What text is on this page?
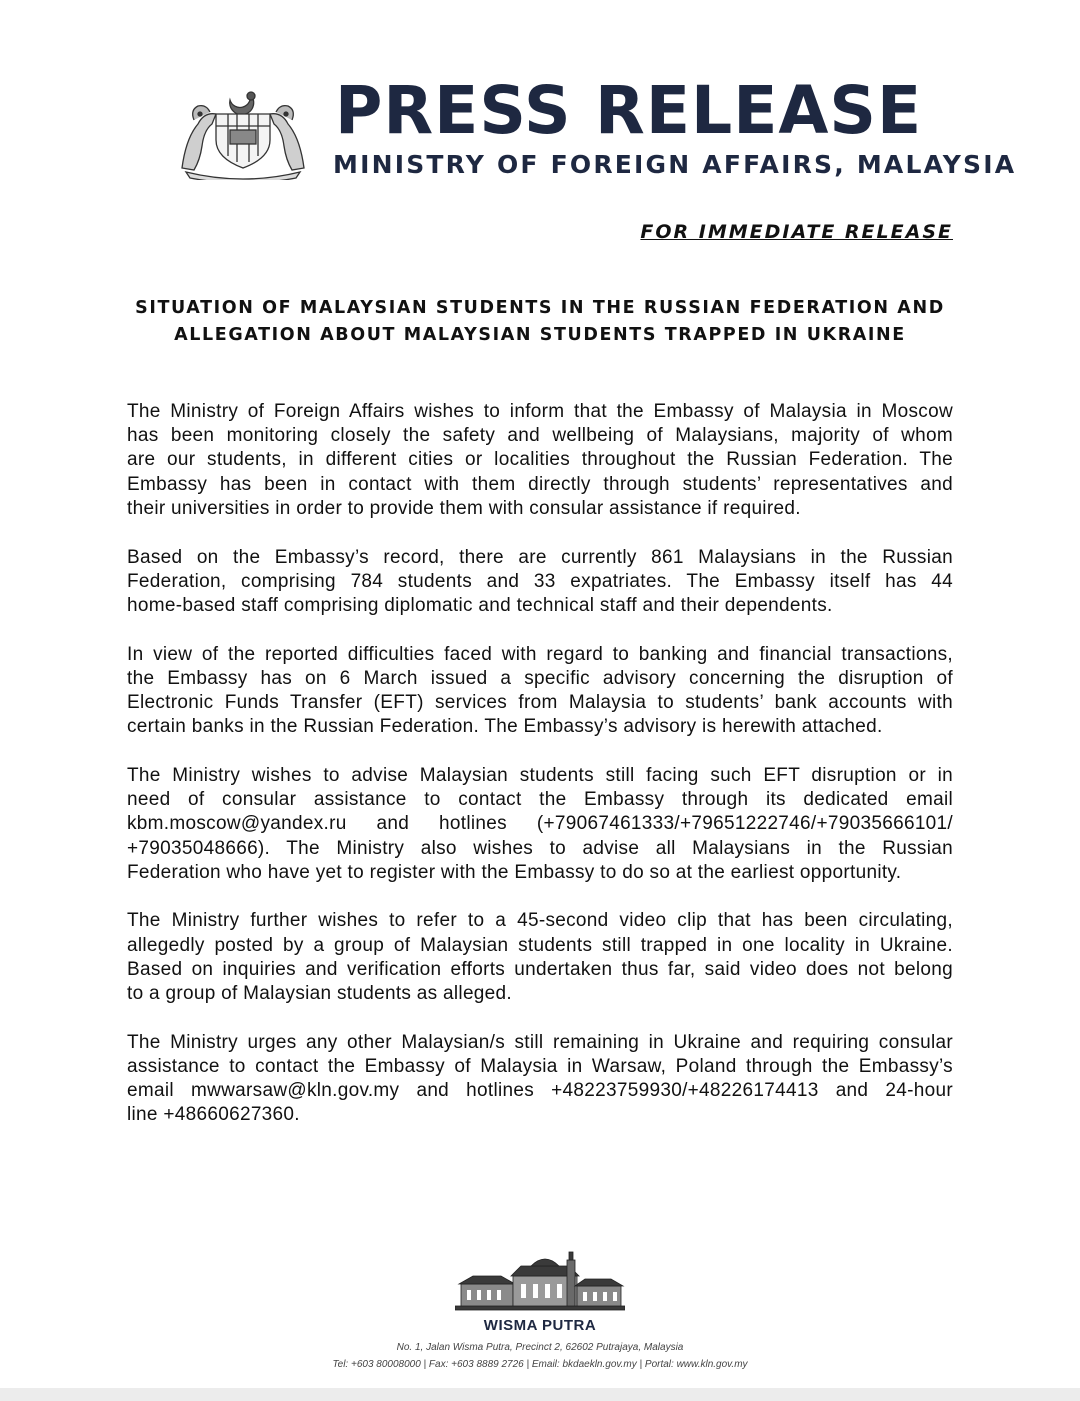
PRESS RELEASE
MINISTRY OF FOREIGN AFFAIRS, MALAYSIA
FOR IMMEDIATE RELEASE
SITUATION OF MALAYSIAN STUDENTS IN THE RUSSIAN FEDERATION AND
ALLEGATION ABOUT MALAYSIAN STUDENTS TRAPPED IN UKRAINE

The Ministry of Foreign Affairs wishes to inform that the Embassy of Malaysia in Moscow
has been monitoring closely the safety and wellbeing of Malaysians, majority of whom
are our students, in different cities or localities throughout the Russian Federation. The
Embassy has been in contact with them directly through students’ representatives and
their universities in order to provide them with consular assistance if required.

Based on the Embassy’s record, there are currently 861 Malaysians in the Russian
Federation, comprising 784 students and 33 expatriates. The Embassy itself has 44
home-based staff comprising diplomatic and technical staff and their dependents.

In view of the reported difficulties faced with regard to banking and financial transactions,
the Embassy has on 6 March issued a specific advisory concerning the disruption of
Electronic Funds Transfer (EFT) services from Malaysia to students’ bank accounts with
certain banks in the Russian Federation. The Embassy’s advisory is herewith attached.

The Ministry wishes to advise Malaysian students still facing such EFT disruption or in
need of consular assistance to contact the Embassy through its dedicated email
kbm.moscow@yandex.ru and hotlines (+79067461333/+79651222746/+79035666101/
+79035048666). The Ministry also wishes to advise all Malaysians in the Russian
Federation who have yet to register with the Embassy to do so at the earliest opportunity.

The Ministry further wishes to refer to a 45-second video clip that has been circulating,
allegedly posted by a group of Malaysian students still trapped in one locality in Ukraine.
Based on inquiries and verification efforts undertaken thus far, said video does not belong
to a group of Malaysian students as alleged.

The Ministry urges any other Malaysian/s still remaining in Ukraine and requiring consular
assistance to contact the Embassy of Malaysia in Warsaw, Poland through the Embassy’s
email mwwarsaw@kln.gov.my and hotlines +48223759930/+48226174413 and 24-hour
line +48660627360.

WISMA PUTRA
No. 1, Jalan Wisma Putra, Precinct 2, 62602 Putrajaya, Malaysia
Tel: +603 80008000 | Fax: +603 8889 2726 | Email: bkdaekln.gov.my | Portal: www.kln.gov.my
